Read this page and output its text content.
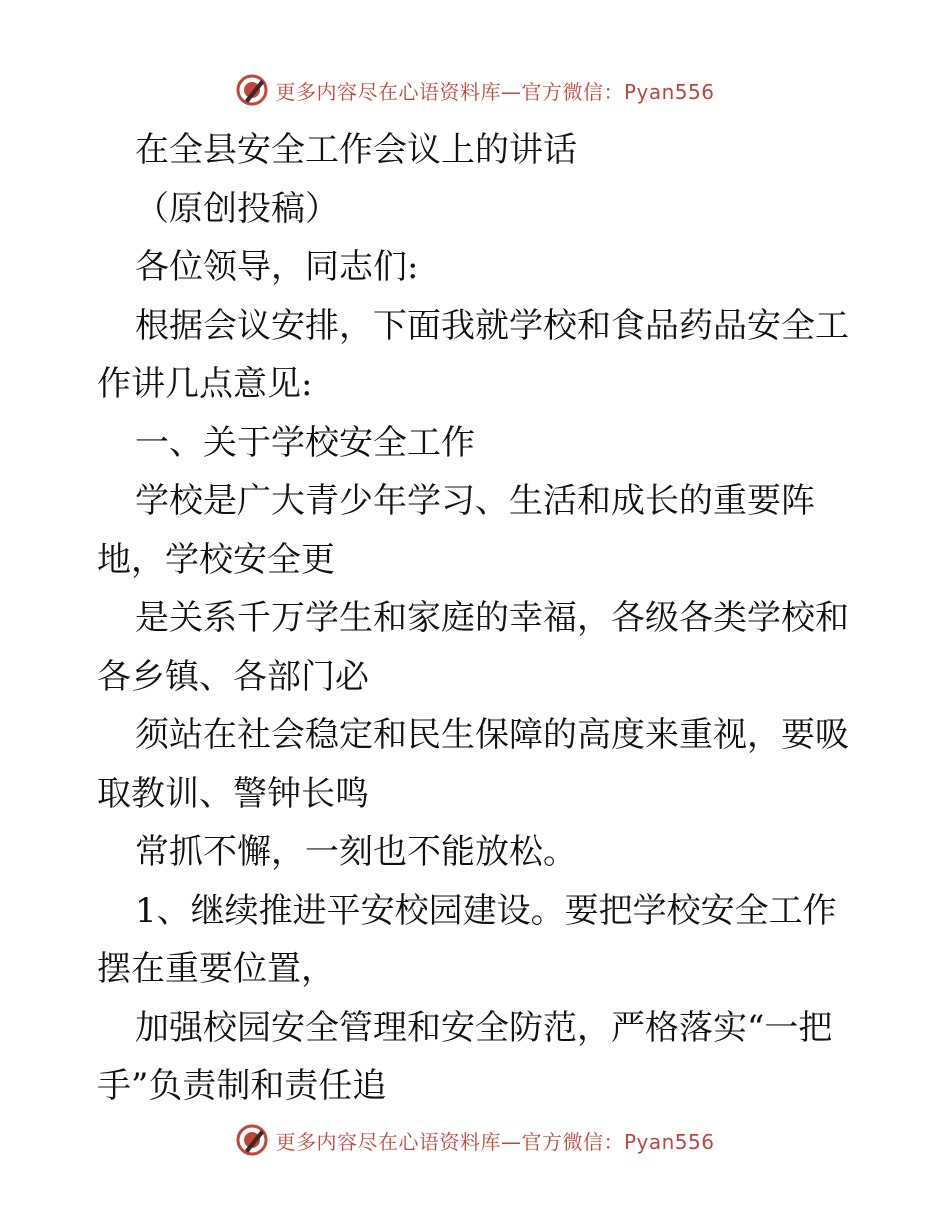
更多内容尽在心语资料库—官方微信：Pyan556

在全县安全工作会议上的讲话

（原创投稿）

各位领导，同志们:

根据会议安排，下面我就学校和食品药品安全工作讲几点意见:

一、关于学校安全工作

学校是广大青少年学习、生活和成长的重要阵地，学校安全更

是关系千万学生和家庭的幸福，各级各类学校和各乡镇、各部门必

须站在社会稳定和民生保障的高度来重视，要吸取教训、警钟长鸣

常抓不懈，一刻也不能放松。

1、继续推进平安校园建设。要把学校安全工作摆在重要位置，

加强校园安全管理和安全防范，严格落实“一把手”负责制和责任追

更多内容尽在心语资料库—官方微信：Pyan556
